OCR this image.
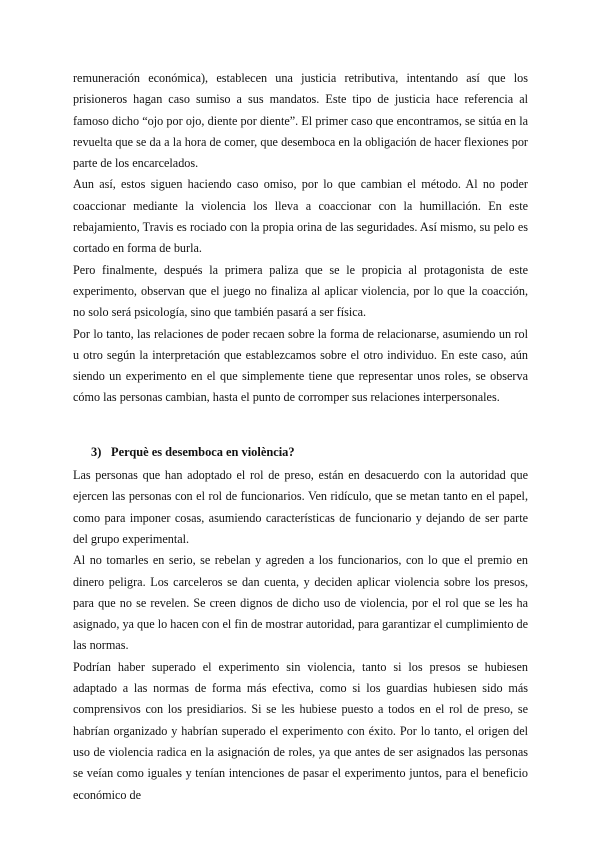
remuneración económica), establecen una justicia retributiva, intentando así que los prisioneros hagan caso sumiso a sus mandatos. Este tipo de justicia hace referencia al famoso dicho “ojo por ojo, diente por diente”. El primer caso que encontramos, se sitúa en la revuelta que se da a la hora de comer, que desemboca en la obligación de hacer flexiones por parte de los encarcelados.

Aun así, estos siguen haciendo caso omiso, por lo que cambian el método. Al no poder coaccionar mediante la violencia los lleva a coaccionar con la humillación. En este rebajamiento, Travis es rociado con la propia orina de las seguridades. Así mismo, su pelo es cortado en forma de burla.

Pero finalmente, después la primera paliza que se le propicia al protagonista de este experimento, observan que el juego no finaliza al aplicar violencia, por lo que la coacción, no solo será psicología, sino que también pasará a ser física.

Por lo tanto, las relaciones de poder recaen sobre la forma de relacionarse, asumiendo un rol u otro según la interpretación que establezcamos sobre el otro individuo. En este caso, aún siendo un experimento en el que simplemente tiene que representar unos roles, se observa cómo las personas cambian, hasta el punto de corromper sus relaciones interpersonales.

3) Perquè es desemboca en violència?

Las personas que han adoptado el rol de preso, están en desacuerdo con la autoridad que ejercen las personas con el rol de funcionarios. Ven ridículo, que se metan tanto en el papel, como para imponer cosas, asumiendo características de funcionario y dejando de ser parte del grupo experimental.

Al no tomarles en serio, se rebelan y agreden a los funcionarios, con lo que el premio en dinero peligra. Los carceleros se dan cuenta, y deciden aplicar violencia sobre los presos, para que no se revelen. Se creen dignos de dicho uso de violencia, por el rol que se les ha asignado, ya que lo hacen con el fin de mostrar autoridad, para garantizar el cumplimiento de las normas.

Podrían haber superado el experimento sin violencia, tanto si los presos se hubiesen adaptado a las normas de forma más efectiva, como si los guardias hubiesen sido más comprensivos con los presidiarios. Si se les hubiese puesto a todos en el rol de preso, se habrían organizado y habrían superado el experimento con éxito. Por lo tanto, el origen del uso de violencia radica en la asignación de roles, ya que antes de ser asignados las personas se veían como iguales y tenían intenciones de pasar el experimento juntos, para el beneficio económico de
